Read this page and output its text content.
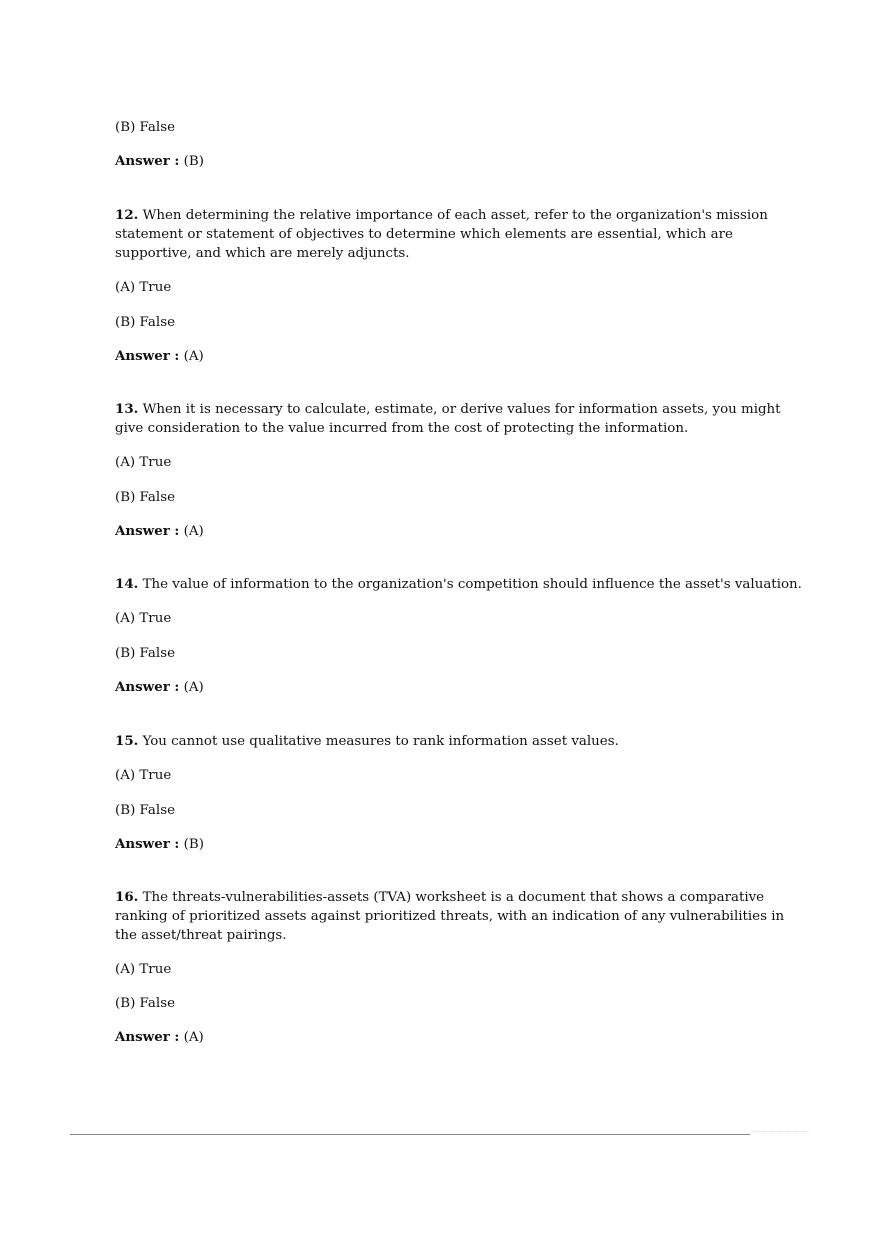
(B) False
Answer : (B)
12. When determining the relative importance of each asset, refer to the organization's mission
statement or statement of objectives to determine which elements are essential, which are
supportive, and which are merely adjuncts.
(A) True
(B) False
Answer : (A)
13. When it is necessary to calculate, estimate, or derive values for information assets, you might
give consideration to the value incurred from the cost of protecting the information.
(A) True
(B) False
Answer : (A)
14. The value of information to the organization's competition should influence the asset's valuation.
(A) True
(B) False
Answer : (A)
15. You cannot use qualitative measures to rank information asset values.
(A) True
(B) False
Answer : (B)
16. The threats-vulnerabilities-assets (TVA) worksheet is a document that shows a comparative
ranking of prioritized assets against prioritized threats, with an indication of any vulnerabilities in
the asset/threat pairings.
(A) True
(B) False
Answer : (A)
